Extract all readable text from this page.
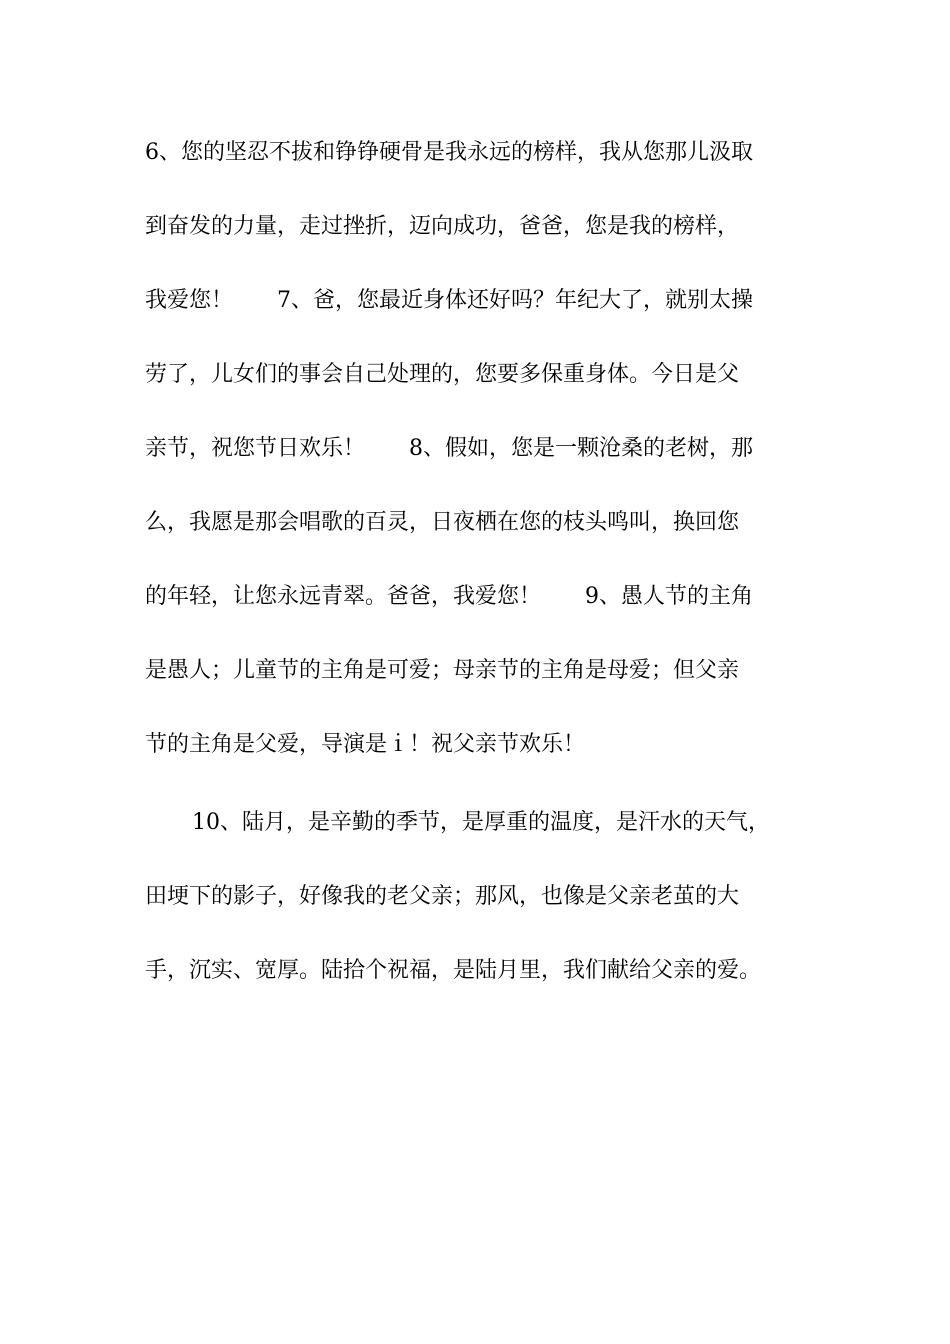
6、您的坚忍不拔和铮铮硬骨是我永远的榜样，我从您那儿汲取

到奋发的力量，走过挫折，迈向成功，爸爸，您是我的榜样，

我爱您！　　7、爸，您最近身体还好吗？年纪大了，就别太操

劳了，儿女们的事会自己处理的，您要多保重身体。今日是父

亲节，祝您节日欢乐！　　8、假如，您是一颗沧桑的老树，那

么，我愿是那会唱歌的百灵，日夜栖在您的枝头鸣叫，换回您

的年轻，让您永远青翠。爸爸，我爱您！　　9、愚人节的主角

是愚人；儿童节的主角是可爱；母亲节的主角是母爱；但父亲

节的主角是父爱，导演是ｉ！祝父亲节欢乐！

10、陆月，是辛勤的季节，是厚重的温度，是汗水的天气，

田埂下的影子，好像我的老父亲；那风，也像是父亲老茧的大

手，沉实、宽厚。陆拾个祝福，是陆月里，我们献给父亲的爱。
